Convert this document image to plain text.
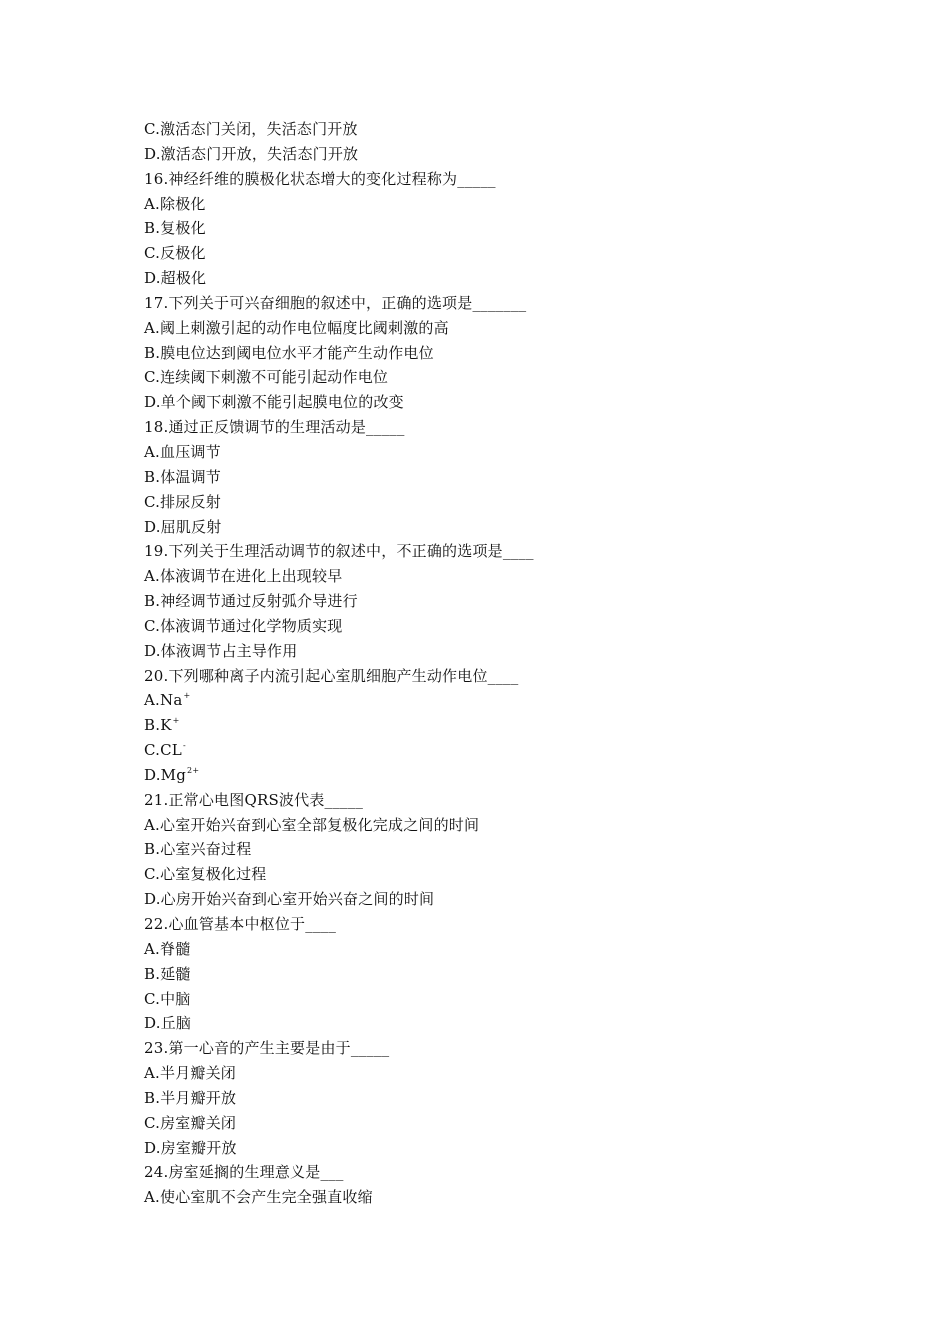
C.激活态门关闭，失活态门开放
D.激活态门开放，失活态门开放
16.神经纤维的膜极化状态增大的变化过程称为_____
A.除极化
B.复极化
C.反极化
D.超极化
17.下列关于可兴奋细胞的叙述中，正确的选项是_______
A.阈上刺激引起的动作电位幅度比阈刺激的高
B.膜电位达到阈电位水平才能产生动作电位
C.连续阈下刺激不可能引起动作电位
D.单个阈下刺激不能引起膜电位的改变
18.通过正反馈调节的生理活动是_____
A.血压调节
B.体温调节
C.排尿反射
D.屈肌反射
19.下列关于生理活动调节的叙述中，不正确的选项是____
A.体液调节在进化上出现较早
B.神经调节通过反射弧介导进行
C.体液调节通过化学物质实现
D.体液调节占主导作用
20.下列哪种离子内流引起心室肌细胞产生动作电位____
A.Na+
B.K+
C.CL-
$D.Mg^{2+}$
21.正常心电图QRS波代表_____
A.心室开始兴奋到心室全部复极化完成之间的时间
B.心室兴奋过程
C.心室复极化过程
D.心房开始兴奋到心室开始兴奋之间的时间
22.心血管基本中枢位于____
A.脊髓
B.延髓
C.中脑
D.丘脑
23.第一心音的产生主要是由于_____
A.半月瓣关闭
B.半月瓣开放
C.房室瓣关闭
D.房室瓣开放
24.房室延搁的生理意义是___
A.使心室肌不会产生完全强直收缩
